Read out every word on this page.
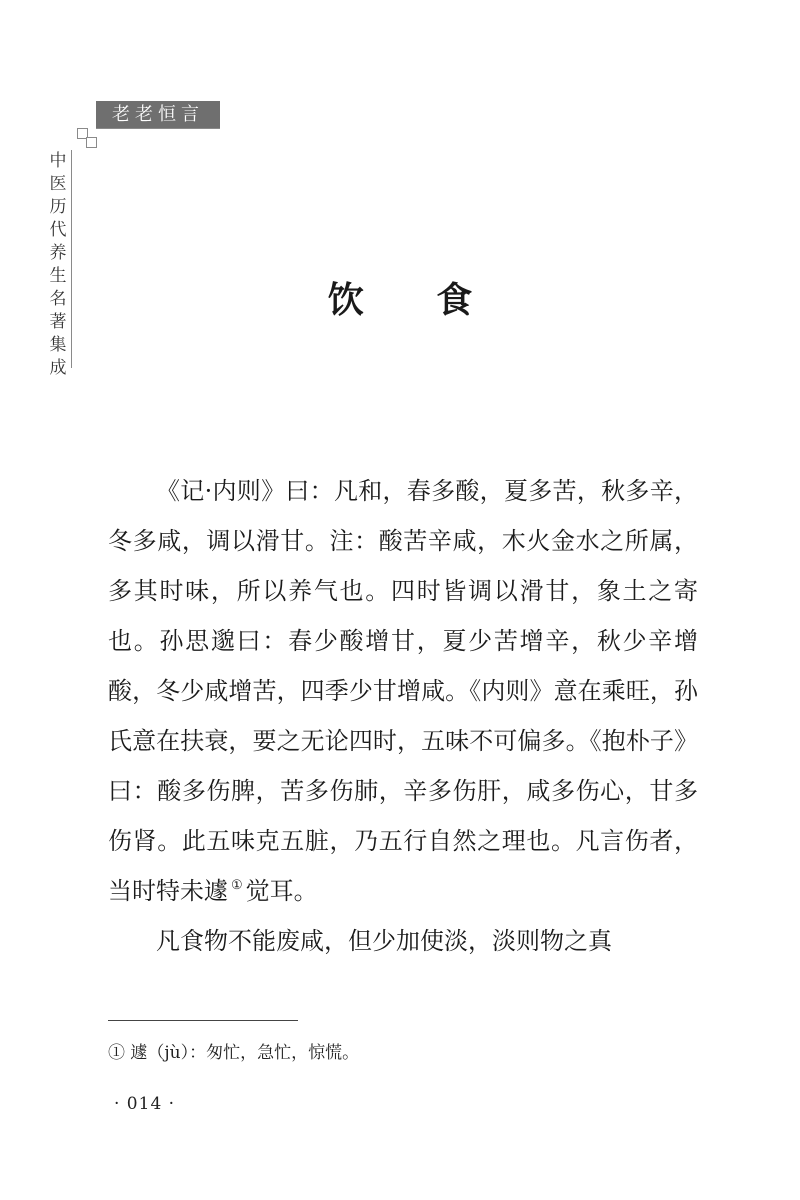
老老恒言
中
医
历
代
养
生
名
著
集
成
饮 食

《记·内则》曰：凡和，春多酸，夏多苦，秋多辛，冬多咸，调以滑甘。注：酸苦辛咸，木火金水之所属，多其时味，所以养气也。四时皆调以滑甘，象土之寄也。孙思邈曰：春少酸增甘，夏少苦增辛，秋少辛增酸，冬少咸增苦，四季少甘增咸。《内则》意在乘旺，孙氏意在扶衰，要之无论四时，五味不可偏多。《抱朴子》曰：酸多伤脾，苦多伤肺，辛多伤肝，咸多伤心，甘多伤肾。此五味克五脏，乃五行自然之理也。凡言伤者，当时特未遽 ① 觉耳。

凡食物不能废咸，但少加使淡，淡则物之真

① 遽（jù）：匆忙，急忙，惊慌。
· 014 ·
